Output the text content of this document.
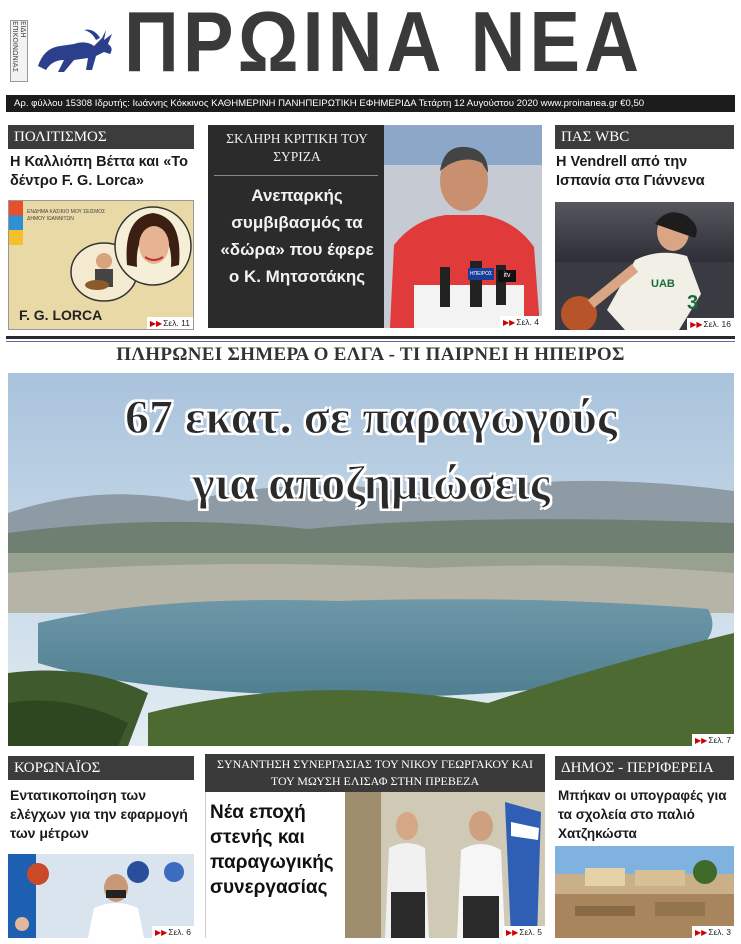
ΕΙΔΗ ΕΠΙΚΟΙΝΩΝΙΑΣ ΠΡΩΙΝΑ ΝΕΑ
Αρ. φύλλου 15308 Ιδρυτής: Ιωάννης Κόκκινος ΚΑΘΗΜΕΡΙΝΗ ΠΑΝΗΠΕΙΡΩΤΙΚΗ ΕΦΗΜΕΡΙΔΑ Τετάρτη 12 Αυγούστου 2020 www.proinanea.gr €0,50
ΠΟΛΙΤΙΣΜΟΣ
Η Καλλιόπη Βέττα και «Το δέντρο F. G. Lorca»
ΕΝΔΗΜΑ ΚΑΣΙΚΙΟ ΜΟΥ ΣΕΙΣΜΟΣ ΔΗΜΟΥ ΙΩΑΝΝΙΤΩΝ
F. G. LORCA
▶▶Σελ. 11
ΣΚΛΗΡΗ ΚΡΙΤΙΚΗ ΤΟΥ ΣΥΡΙΖΑ
Ανεπαρκής συμβιβασμός τα «δώρα» που έφερε ο Κ. Μητσοτάκης	ΗΠΕΙΡΟΣ	itv
▶▶Σελ. 4
ΠΑΣ WBC
Η Vendrell από την Ισπανία στα Γιάννενα
UAB
3
▶▶Σελ. 16
ΠΛΗΡΩΝΕΙ ΣΗΜΕΡΑ Ο ΕΛΓΑ - ΤΙ ΠΑΙΡΝΕΙ Η ΗΠΕΙΡΟΣ
▶▶Σελ. 7
67 εκατ. σε παραγωγούς
για αποζημιώσεις
ΚΟΡΩΝΑΪΟΣ
Εντατικοποίηση των ελέγχων για την εφαρμογή των μέτρων
▶▶Σελ. 6
ΣΥΝΑΝΤΗΣΗ ΣΥΝΕΡΓΑΣΙΑΣ ΤΟΥ ΝΙΚΟΥ ΓΕΩΡΓΑΚΟΥ ΚΑΙ ΤΟΥ ΜΩΥΣΗ ΕΛΙΣΑΦ ΣΤΗΝ ΠΡΕΒΕΖΑ
Νέα εποχή στενής και παραγωγικής συνεργασίας
▶▶Σελ. 5
ΔΗΜΟΣ - ΠΕΡΙΦΕΡΕΙΑ
Μπήκαν οι υπογραφές για τα σχολεία στο παλιό Χατζηκώστα
▶▶Σελ. 3
